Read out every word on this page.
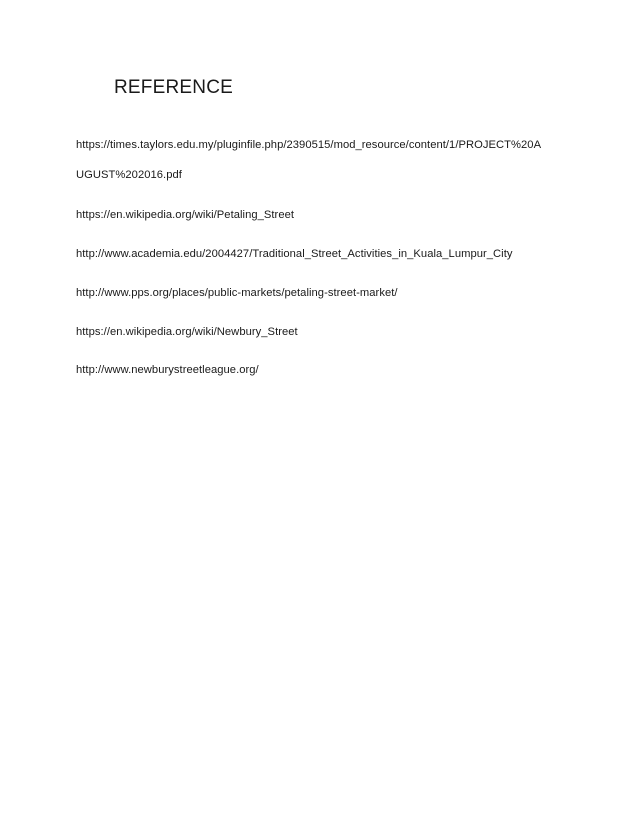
REFERENCE
https://times.taylors.edu.my/pluginfile.php/2390515/mod_resource/content/1/PROJECT%20A
UGUST%202016.pdf
https://en.wikipedia.org/wiki/Petaling_Street
http://www.academia.edu/2004427/Traditional_Street_Activities_in_Kuala_Lumpur_City
http://www.pps.org/places/public-markets/petaling-street-market/
https://en.wikipedia.org/wiki/Newbury_Street
http://www.newburystreetleague.org/
